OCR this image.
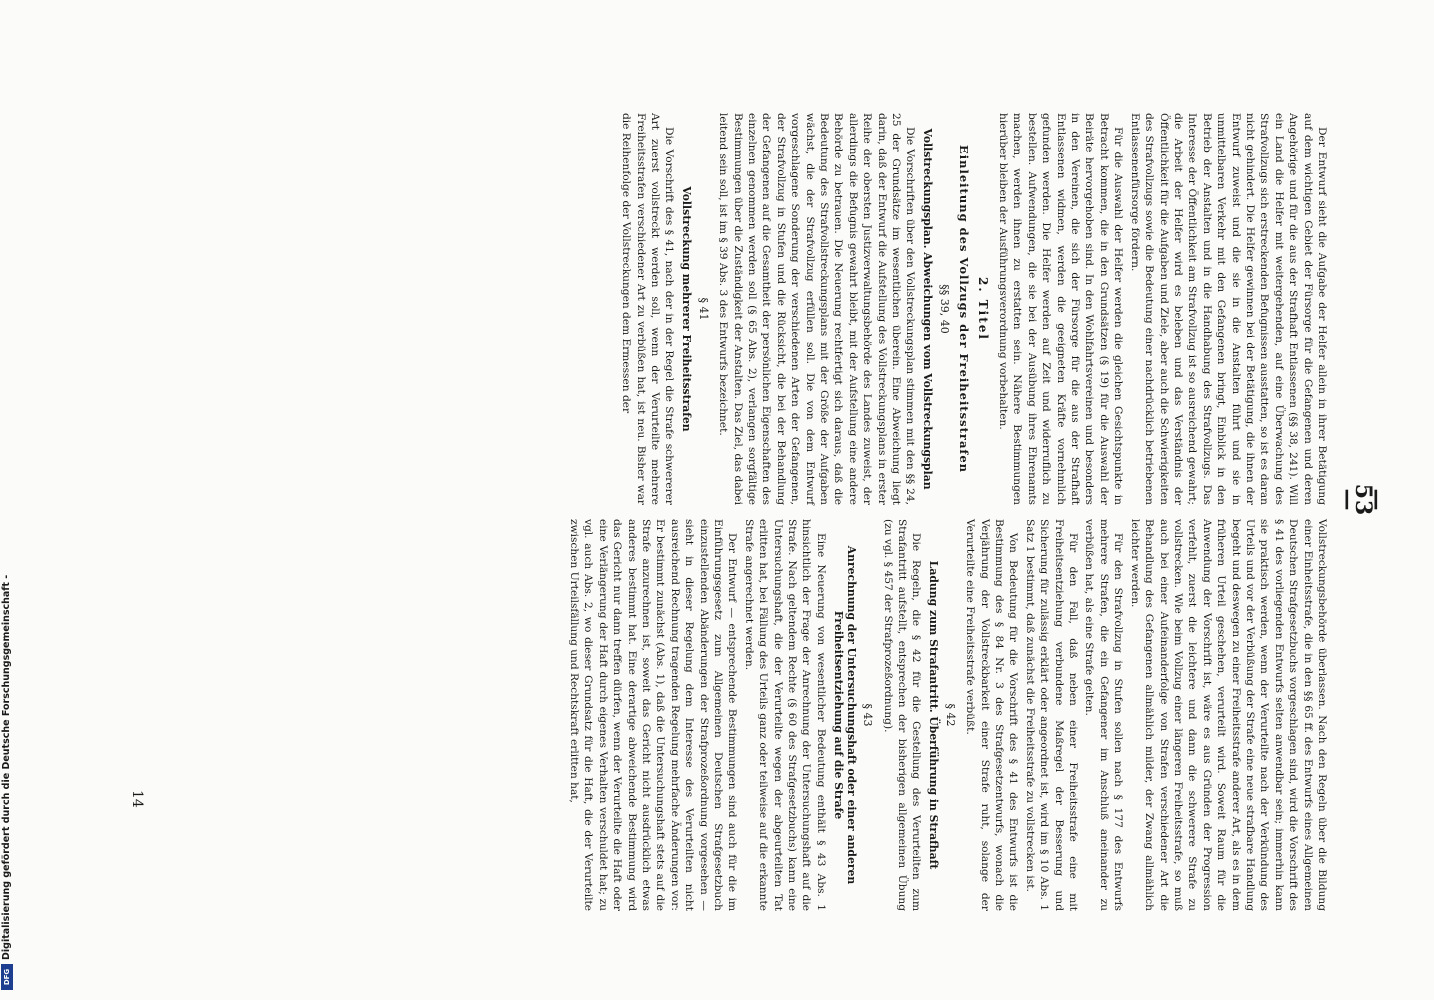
— 53 —

Der Entwurf sieht die Aufgabe der Helfer allein in ihrer Betätigung auf dem wichtigen Gebiet der Fürsorge für die Gefangenen und deren Angehörige und für die aus der Strafhaft Entlassenen (§§ 38, 241). Will ein Land die Helfer mit weitergehenden, auf eine Überwachung des Strafvollzugs sich erstreckenden Befugnissen ausstatten, so ist es daran nicht gehindert. Die Helfer gewinnen bei der Betätigung, die ihnen der Entwurf zuweist und die sie in die Anstalten führt und sie in unmittelbaren Verkehr mit den Gefangenen bringt, Einblick in den Betrieb der Anstalten und in die Handhabung des Strafvollzugs. Das Interesse der Öffentlichkeit am Strafvollzug ist so ausreichend gewahrt; die Arbeit der Helfer wird es beleben und das Verständnis der Öffentlichkeit für die Aufgaben und Ziele, aber auch die Schwierigkeiten des Strafvollzugs sowie die Bedeutung einer nachdrücklich betriebenen Entlassenenfürsorge fördern.

Für die Auswahl der Helfer werden die gleichen Gesichtspunkte in Betracht kommen, die in den Grundsätzen (§ 19) für die Auswahl der Beiräte hervorgehoben sind. In den Wohlfahrtsvereinen und besonders in den Vereinen, die sich der Fürsorge für die aus der Strafhaft Entlassenen widmen, werden die geeigneten Kräfte vornehmlich gefunden werden. Die Helfer werden auf Zeit und widerruflich zu bestellen. Aufwendungen, die sie bei der Ausübung ihres Ehrenamts machen, werden ihnen zu erstatten sein. Nähere Bestimmungen hierüber bleiben der Ausführungsverordnung vorbehalten.

2. Titel
Einleitung des Vollzugs der Freiheitsstrafen
§§ 39, 40
Vollstreckungsplan. Abweichungen vom Vollstreckungsplan

Die Vorschriften über den Vollstreckungsplan stimmen mit den §§ 24, 25 der Grundsätze im wesentlichen überein. Eine Abweichung liegt darin, daß der Entwurf die Aufstellung des Vollstreckungsplans in erster Reihe der obersten Justizverwaltungsbehörde des Landes zuweist, der allerdings die Befugnis gewahrt bleibt, mit der Aufstellung eine andere Behörde zu betrauen. Die Neuerung rechtfertigt sich daraus, daß die Bedeutung des Strafvollstreckungsplans mit der Größe der Aufgaben wächst, die der Strafvollzug erfüllen soll. Die von dem Entwurf vorgeschlagene Sonderung der verschiedenen Arten der Gefangenen, der Strafvollzug in Stufen und die Rücksicht, die bei der Behandlung der Gefangenen auf die Gesamtheit der persönlichen Eigenschaften des einzelnen genommen werden soll (§ 65 Abs. 2), verlangen sorgfältige Bestimmungen über die Zuständigkeit der Anstalten. Das Ziel, das dabei leitend sein soll, ist im § 39 Abs. 3 des Entwurfs bezeichnet.

§ 41
Vollstreckung mehrerer Freiheitsstrafen

Die Vorschrift des § 41, nach der in der Regel die Strafe schwererer Art zuerst vollstreckt werden soll, wenn der Verurteilte mehrere Freiheitsstrafen verschiedener Art zu verbüßen hat, ist neu. Bisher war die Reihenfolge der Vollstreckungen dem Ermessen der

Vollstreckungsbehörde überlassen. Nach den Regeln über die Bildung einer Einheitsstrafe, die in den §§ 65 ff. des Entwurfs eines Allgemeinen Deutschen Strafgesetzbuchs vorgeschlagen sind, wird die Vorschrift des § 41 des vorliegenden Entwurfs selten anwendbar sein; immerhin kann sie praktisch werden, wenn der Verurteilte nach der Verkündung des Urteils und vor der Verbüßung der Strafe eine neue strafbare Handlung begeht und deswegen zu einer Freiheitsstrafe anderer Art, als es in dem früheren Urteil geschehen, verurteilt wird. Soweit Raum für die Anwendung der Vorschrift ist, wäre es aus Gründen der Progression verfehlt, zuerst die leichtere und dann die schwerere Strafe zu vollstrecken. Wie beim Vollzug einer längeren Freiheitsstrafe, so muß auch bei einer Aufeinanderfolge von Strafen verschiedener Art die Behandlung des Gefangenen allmählich milder, der Zwang allmählich leichter werden.

Für den Strafvollzug in Stufen sollen nach § 177 des Entwurfs mehrere Strafen, die ein Gefangener im Anschluß aneinander zu verbüßen hat, als eine Strafe gelten.

Für den Fall, daß neben einer Freiheitsstrafe eine mit Freiheitsentziehung verbundene Maßregel der Besserung und Sicherung für zulässig erklärt oder angeordnet ist, wird im § 10 Abs. 1 Satz 1 bestimmt, daß zunächst die Freiheitsstrafe zu vollstrecken ist.

Von Bedeutung für die Vorschrift des § 41 des Entwurfs ist die Bestimmung des § 84 Nr. 3 des Strafgesetzentwurfs, wonach die Verjährung der Vollstreckbarkeit einer Strafe ruht, solange der Verurteilte eine Freiheitsstrafe verbüßt.

§ 42
Ladung zum Strafantritt. Überführung in Strafhaft

Die Regeln, die § 42 für die Gestellung des Verurteilten zum Strafantritt aufstellt, entsprechen der bisherigen allgemeinen Übung (zu vgl. § 457 der Strafprozeßordnung).

§ 43
Anrechnung der Untersuchungshaft oder einer anderen Freiheitsentziehung auf die Strafe

Eine Neuerung von wesentlicher Bedeutung enthält § 43 Abs. 1 hinsichtlich der Frage der Anrechnung der Untersuchungshaft auf die Strafe. Nach geltendem Rechte (§ 60 des Strafgesetzbuchs) kann eine Untersuchungshaft, die der Verurteilte wegen der abgeurteilten Tat erlitten hat, bei Fällung des Urteils ganz oder teilweise auf die erkannte Strafe angerechnet werden.

Der Entwurf — entsprechende Bestimmungen sind auch für die im Einführungsgesetz zum Allgemeinen Deutschen Strafgesetzbuch einzustellenden Abänderungen der Strafprozeßordnung vorgesehen — sieht in dieser Regelung dem Interesse des Verurteilten nicht ausreichend Rechnung tragenden Regelung mehrfache Änderungen vor: Er bestimmt zunächst (Abs. 1), daß die Untersuchungshaft stets auf die Strafe anzurechnen ist, soweit das Gericht nicht ausdrücklich etwas anderes bestimmt hat. Eine derartige abweichende Bestimmung wird das Gericht nur dann treffen dürfen, wenn der Verurteilte die Haft oder eine Verlängerung der Haft durch eigenes Verhalten verschuldet hat; zu vgl. auch Abs. 2, wo dieser Grundsatz für die Haft, die der Verurteilte zwischen Urteilsfällung und Rechtskraft erlitten hat,

14
Digitalisierung gefördert durch die Deutsche Forschungsgemeinschaft -
DFG
